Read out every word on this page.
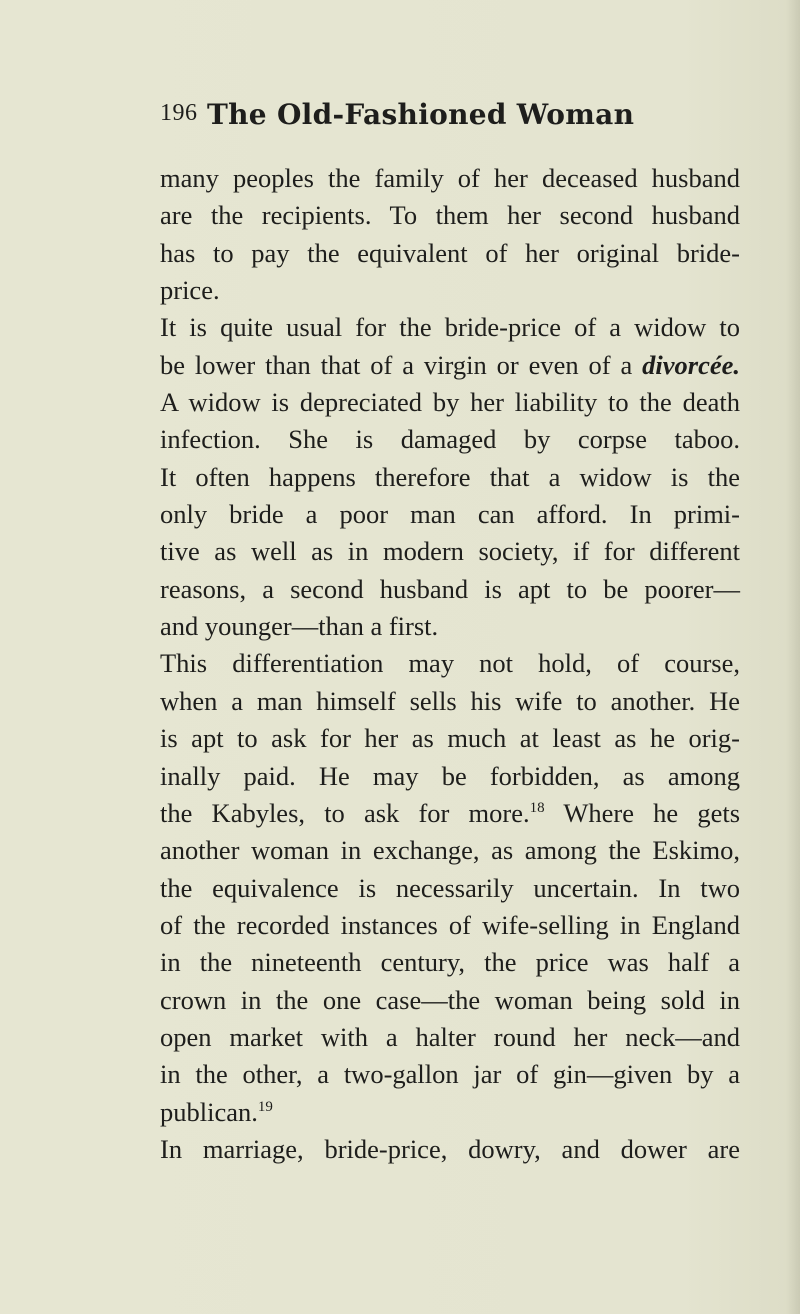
196 The Old-Fashioned Woman
many peoples the family of her deceased husband
are the recipients. To them her second husband
has to pay the equivalent of her original bride-
price.
It is quite usual for the bride-price of a widow to
be lower than that of a virgin or even of a divorcée.
A widow is depreciated by her liability to the death
infection. She is damaged by corpse taboo.
It often happens therefore that a widow is the
only bride a poor man can afford. In primi-
tive as well as in modern society, if for different
reasons, a second husband is apt to be poorer—
and younger—than a first.
This differentiation may not hold, of course,
when a man himself sells his wife to another. He
is apt to ask for her as much at least as he orig-
inally paid. He may be forbidden, as among
the Kabyles, to ask for more.$^{18}$ Where he gets
another woman in exchange, as among the Eskimo,
the equivalence is necessarily uncertain. In two
of the recorded instances of wife-selling in England
in the nineteenth century, the price was half a
crown in the one case—the woman being sold in
open market with a halter round her neck—and
in the other, a two-gallon jar of gin—given by a
publican.$^{19}$
In marriage, bride-price, dowry, and dower are
